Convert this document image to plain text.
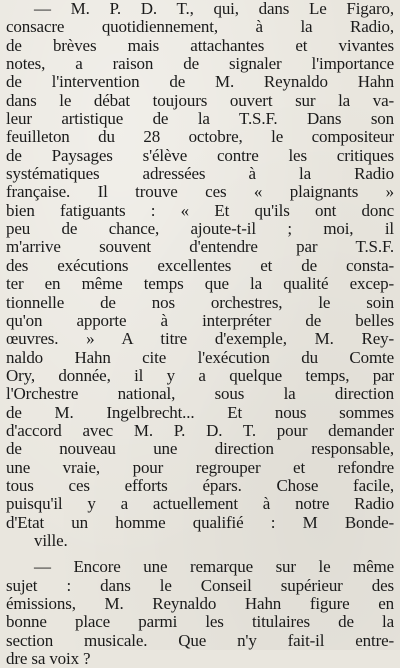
— M. P. D. T., qui, dans Le Figaro,
consacre quotidiennement, à la Radio,
de brèves mais attachantes et vivantes
notes, a raison de signaler l'importance
de l'intervention de M. Reynaldo Hahn
dans le débat toujours ouvert sur la va-
leur artistique de la T.S.F. Dans son
feuilleton du 28 octobre, le compositeur
de Paysages s'élève contre les critiques
systématiques adressées à la Radio
française. Il trouve ces « plaignants »
bien fatiguants : « Et qu'ils ont donc
peu de chance, ajoute-t-il ; moi, il
m'arrive souvent d'entendre par T.S.F.
des exécutions excellentes et de consta-
ter en même temps que la qualité excep-
tionnelle de nos orchestres, le soin
qu'on apporte à interpréter de belles
œuvres. » A titre d'exemple, M. Rey-
naldo Hahn cite l'exécution du Comte
Ory, donnée, il y a quelque temps, par
l'Orchestre national, sous la direction
de M. Ingelbrecht... Et nous sommes
d'accord avec M. P. D. T. pour demander
de nouveau une direction responsable,
une vraie, pour regrouper et refondre
tous ces efforts épars. Chose facile,
puisqu'il y a actuellement à notre Radio
d'Etat un homme qualifié : M Bonde-
ville.
— Encore une remarque sur le même
sujet : dans le Conseil supérieur des
émissions, M. Reynaldo Hahn figure en
bonne place parmi les titulaires de la
section musicale. Que n'y fait-il entre-
dre sa voix ?
